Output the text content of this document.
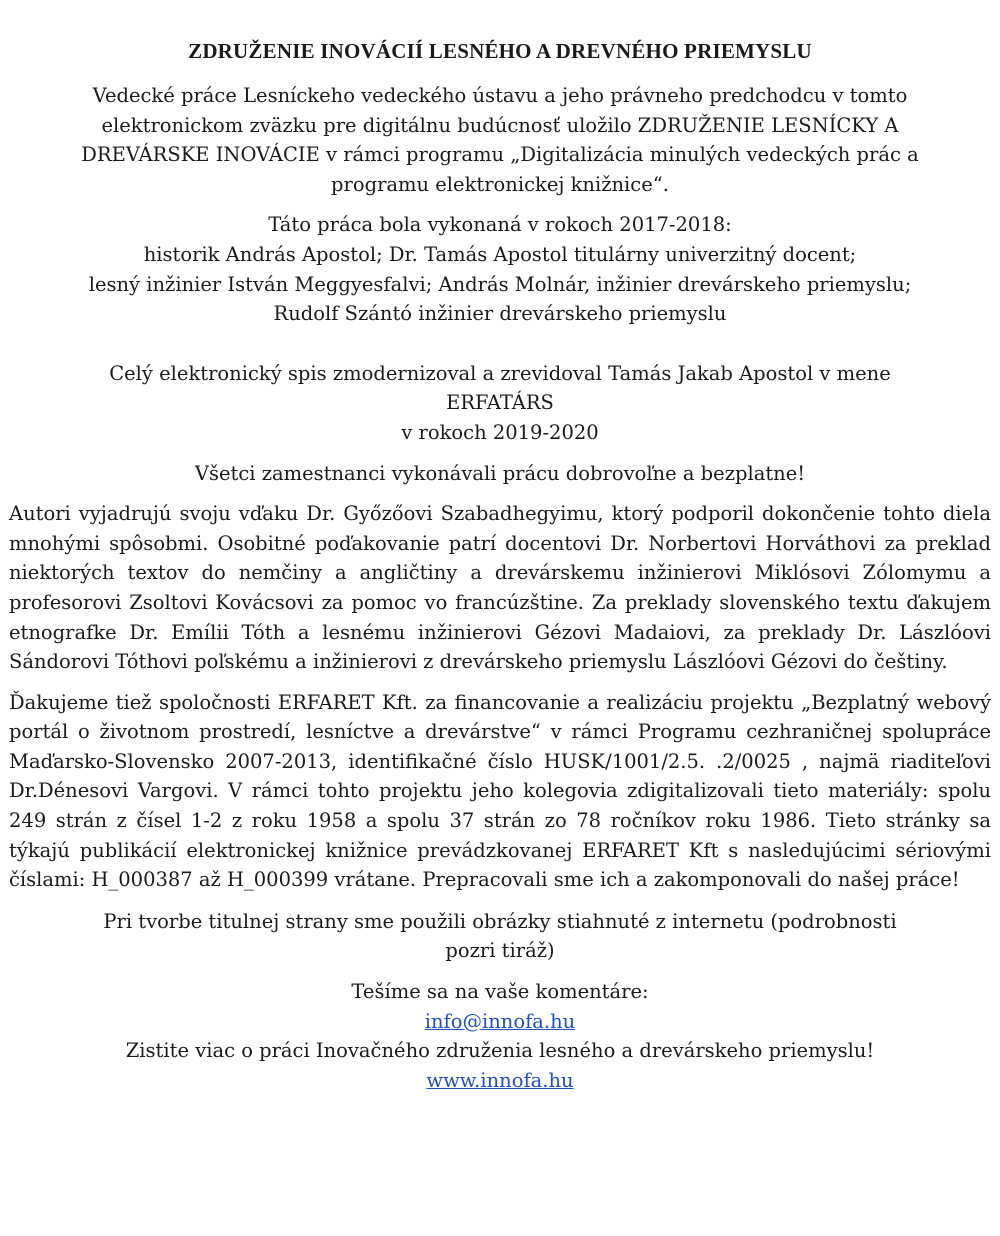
ZDRUŽENIE INOVÁCIÍ LESNÉHO A DREVNÉHO PRIEMYSLU

Vedecké práce Lesníckeho vedeckého ústavu a jeho právneho predchodcu v tomto
elektronickom zväzku pre digitálnu budúcnosť uložilo ZDRUŽENIE LESNÍCKY A
DREVÁRSKE INOVÁCIE v rámci programu „Digitalizácia minulých vedeckých prác a
programu elektronickej knižnice“.

Táto práca bola vykonaná v rokoch 2017-2018:
historik András Apostol; Dr. Tamás Apostol titulárny univerzitný docent;
lesný inžinier István Meggyesfalvi; András Molnár, inžinier drevárskeho priemyslu;
Rudolf Szántó inžinier drevárskeho priemyslu

Celý elektronický spis zmodernizoval a zrevidoval Tamás Jakab Apostol v mene
ERFATÁRS
v rokoch 2019-2020

Všetci zamestnanci vykonávali prácu dobrovoľne a bezplatne!

Autori vyjadrujú svoju vďaku Dr. Győzőovi Szabadhegyimu, ktorý podporil dokončenie tohto diela mnohými spôsobmi. Osobitné poďakovanie patrí docentovi Dr. Norbertovi Horváthovi za preklad niektorých textov do nemčiny a angličtiny a drevárskemu inžinierovi Miklósovi Zólomymu a profesorovi Zsoltovi Kovácsovi za pomoc vo francúzštine. Za preklady slovenského textu ďakujem etnografke Dr. Emílii Tóth a lesnému inžinierovi Gézovi Madaiovi, za preklady Dr. Lászlóovi Sándorovi Tóthovi poľskému a inžinierovi z drevárskeho priemyslu Lászlóovi Gézovi do češtiny.

Ďakujeme tiež spoločnosti ERFARET Kft. za financovanie a realizáciu projektu „Bezplatný webový portál o životnom prostredí, lesníctve a drevárstve“ v rámci Programu cezhraničnej spolupráce Maďarsko-Slovensko 2007-2013, identifikačné číslo HUSK/1001/2.5. .2/0025 , najmä riaditeľovi Dr.Dénesovi Vargovi. V rámci tohto projektu jeho kolegovia zdigitalizovali tieto materiály: spolu 249 strán z čísel 1-2 z roku 1958 a spolu 37 strán zo 78 ročníkov roku 1986. Tieto stránky sa týkajú publikácií elektronickej knižnice prevádzkovanej ERFARET Kft s nasledujúcimi sériovými číslami: H_000387 až H_000399 vrátane. Prepracovali sme ich a zakomponovali do našej práce!

Pri tvorbe titulnej strany sme použili obrázky stiahnuté z internetu (podrobnosti
pozri tiráž)

Tešíme sa na vaše komentáre:
info@innofa.hu
Zistite viac o práci Inovačného združenia lesného a drevárskeho priemyslu!
www.innofa.hu
